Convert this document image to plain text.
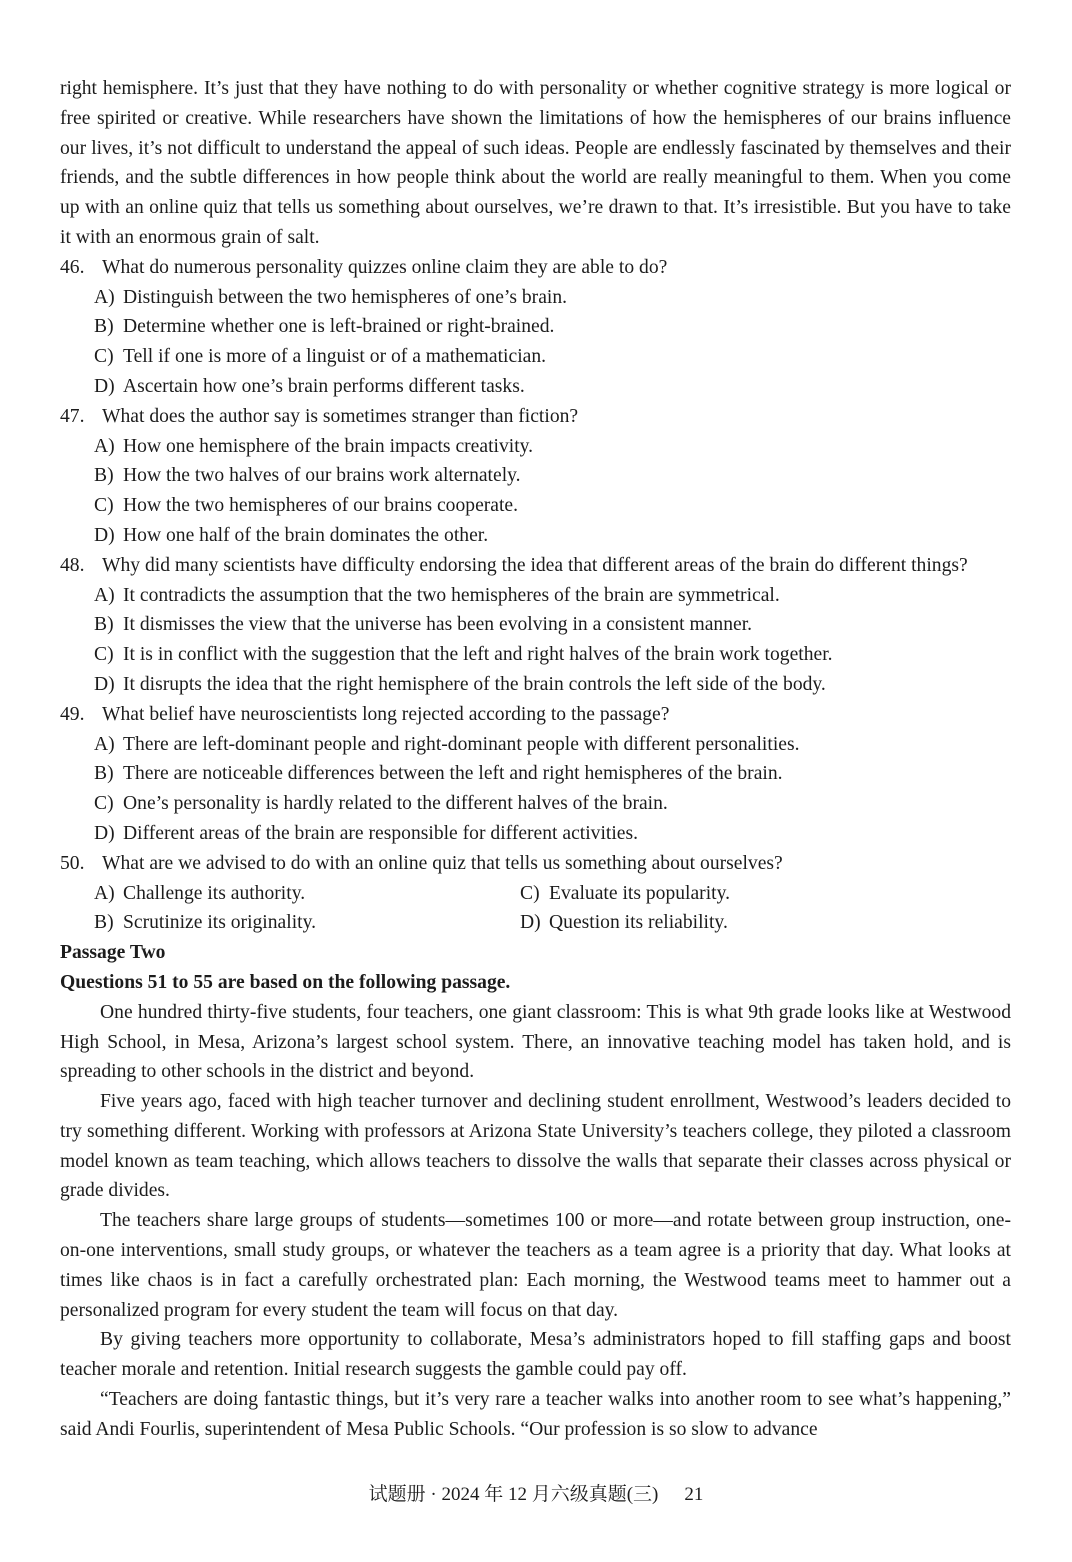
right hemisphere. It’s just that they have nothing to do with personality or whether cognitive strategy is more logical or free spirited or creative. While researchers have shown the limitations of how the hemispheres of our brains influence our lives, it’s not difficult to understand the appeal of such ideas. People are endlessly fascinated by themselves and their friends, and the subtle differences in how people think about the world are really meaningful to them. When you come up with an online quiz that tells us something about ourselves, we’re drawn to that. It’s irresistible. But you have to take it with an enormous grain of salt.
46. What do numerous personality quizzes online claim they are able to do?
A) Distinguish between the two hemispheres of one’s brain.
B) Determine whether one is left-brained or right-brained.
C) Tell if one is more of a linguist or of a mathematician.
D) Ascertain how one’s brain performs different tasks.
47. What does the author say is sometimes stranger than fiction?
A) How one hemisphere of the brain impacts creativity.
B) How the two halves of our brains work alternately.
C) How the two hemispheres of our brains cooperate.
D) How one half of the brain dominates the other.
48. Why did many scientists have difficulty endorsing the idea that different areas of the brain do different things?
A) It contradicts the assumption that the two hemispheres of the brain are symmetrical.
B) It dismisses the view that the universe has been evolving in a consistent manner.
C) It is in conflict with the suggestion that the left and right halves of the brain work together.
D) It disrupts the idea that the right hemisphere of the brain controls the left side of the body.
49. What belief have neuroscientists long rejected according to the passage?
A) There are left-dominant people and right-dominant people with different personalities.
B) There are noticeable differences between the left and right hemispheres of the brain.
C) One’s personality is hardly related to the different halves of the brain.
D) Different areas of the brain are responsible for different activities.
50. What are we advised to do with an online quiz that tells us something about ourselves?
A) Challenge its authority.	C) Evaluate its popularity.
B) Scrutinize its originality.	D) Question its reliability.
Passage Two
Questions 51 to 55 are based on the following passage.
One hundred thirty-five students, four teachers, one giant classroom: This is what 9th grade looks like at Westwood High School, in Mesa, Arizona’s largest school system. There, an innovative teaching model has taken hold, and is spreading to other schools in the district and beyond.
Five years ago, faced with high teacher turnover and declining student enrollment, Westwood’s leaders decided to try something different. Working with professors at Arizona State University’s teachers college, they piloted a classroom model known as team teaching, which allows teachers to dissolve the walls that separate their classes across physical or grade divides.
The teachers share large groups of students—sometimes 100 or more—and rotate between group instruction, one-on-one interventions, small study groups, or whatever the teachers as a team agree is a priority that day. What looks at times like chaos is in fact a carefully orchestrated plan: Each morning, the Westwood teams meet to hammer out a personalized program for every student the team will focus on that day.
By giving teachers more opportunity to collaborate, Mesa’s administrators hoped to fill staffing gaps and boost teacher morale and retention. Initial research suggests the gamble could pay off.
“Teachers are doing fantastic things, but it’s very rare a teacher walks into another room to see what’s happening,” said Andi Fourlis, superintendent of Mesa Public Schools. “Our profession is so slow to advance
试题册 · 2024 年 12 月六级真题(三) 21
